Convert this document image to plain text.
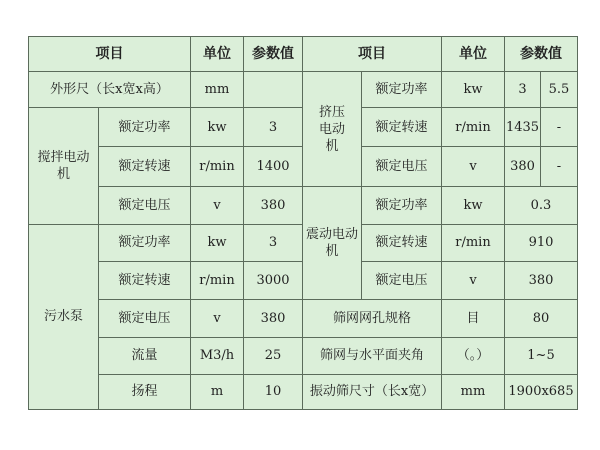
项目		单位	参数值	项目		单位	参数值	
外形尺（长x宽x高）		mm		挤压电动机	额定功率	kw	3	5.5
搅拌电动机	额定功率	kw	3		额定转速	r/min	1435	-
	额定转速	r/min	1400		额定电压	v	380	-
	额定电压	v	380	震动电动机	额定功率	kw	0.3	
污水泵	额定功率	kw	3		额定转速	r/min	910	
	额定转速	r/min	3000		额定电压	v	380	
	额定电压	v	380	筛网网孔规格		目	80	
	流量	M3/h	25	筛网与水平面夹角		（。）	1~5	
	扬程	m	10	振动筛尺寸（长x宽）		mm	1900x685	
